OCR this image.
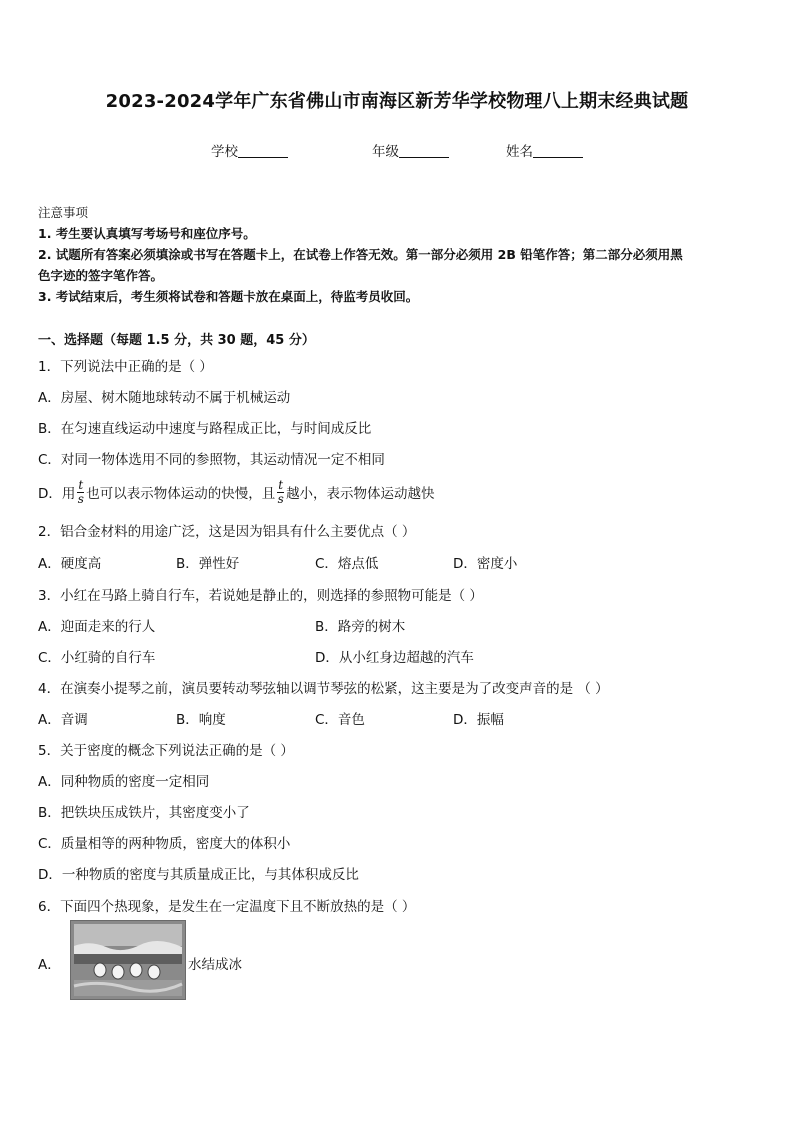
2023-2024学年广东省佛山市南海区新芳华学校物理八上期末经典试题
学校	年级	姓名
注意事项
1. 考生要认真填写考场号和座位序号。
2. 试题所有答案必须填涂或书写在答题卡上，在试卷上作答无效。第一部分必须用 2B 铅笔作答；第二部分必须用黑
色字迹的签字笔作答。
3. 考试结束后，考生须将试卷和答题卡放在桌面上，待监考员收回。
一、选择题（每题 1.5 分，共 30 题，45 分）
1．下列说法中正确的是（ ）
A．房屋、树木随地球转动不属于机械运动
B．在匀速直线运动中速度与路程成正比，与时间成反比
C．对同一物体选用不同的参照物，其运动情况一定不相同
D．用 $\frac{t}{s}$ 也可以表示物体运动的快慢，且 $\frac{t}{s}$ 越小，表示物体运动越快
2．铝合金材料的用途广泛，这是因为铝具有什么主要优点（ ）
A．硬度高	B．弹性好	C．熔点低	D．密度小
3．小红在马路上骑自行车，若说她是静止的，则选择的参照物可能是（ ）
A．迎面走来的行人	B．路旁的树木
C．小红骑的自行车	D．从小红身边超越的汽车
4．在演奏小提琴之前，演员要转动琴弦轴以调节琴弦的松紧，这主要是为了改变声音的是 （ ）
A．音调	B．响度	C．音色	D．振幅
5．关于密度的概念下列说法正确的是（ ）
A．同种物质的密度一定相同
B．把铁块压成铁片，其密度变小了
C．质量相等的两种物质，密度大的体积小
D．一种物质的密度与其质量成正比，与其体积成反比
6．下面四个热现象，是发生在一定温度下且不断放热的是（ ）
A．	水结成冰
